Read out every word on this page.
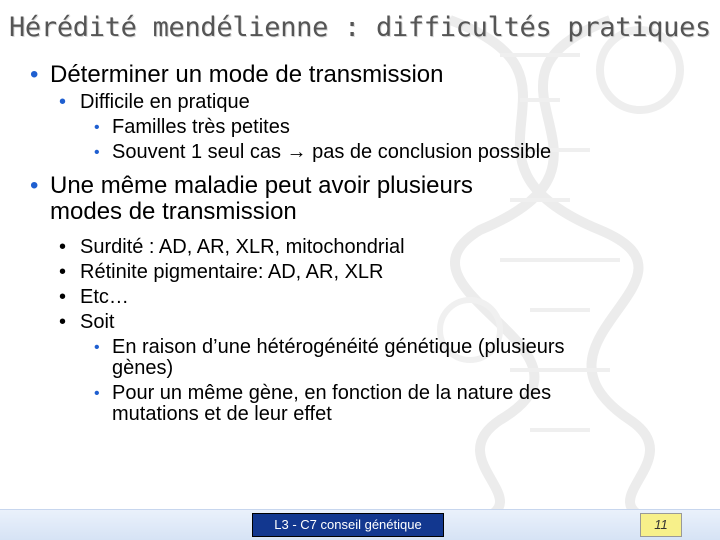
Hérédité mendélienne : difficultés pratiques
• Déterminer un mode de transmission
• Difficile en pratique
• Familles très petites
• Souvent 1 seul cas → pas de conclusion possible
• Une même maladie peut avoir plusieurs
modes de transmission
• Surdité : AD, AR, XLR, mitochondrial
• Rétinite pigmentaire: AD, AR, XLR
• Etc…
• Soit
• En raison d’une hétérogénéité génétique (plusieurs
gènes)
• Pour un même gène, en fonction de la nature des
mutations et de leur effet
L3 - C7 conseil génétique	11
